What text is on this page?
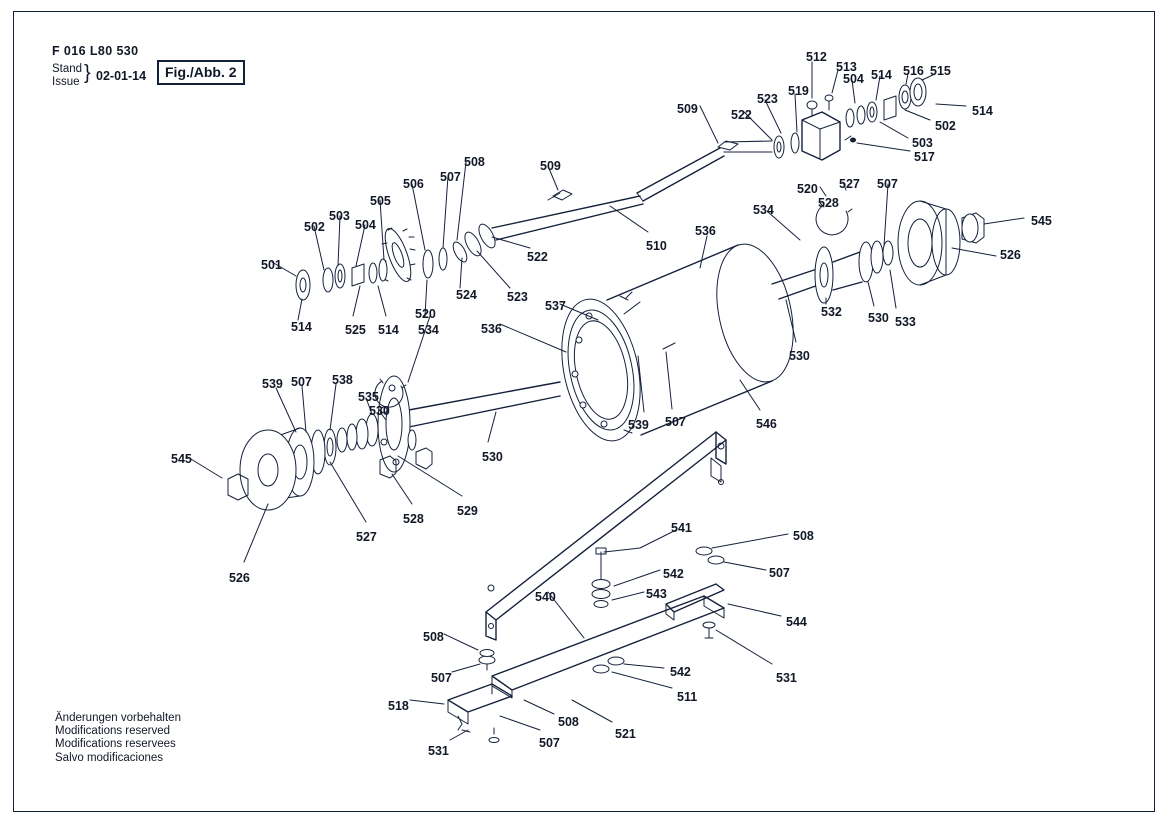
F 016 L80 530
Stand
Issue } 02-01-14	Fig./Abb. 2
Änderungen vorbehalten
Modifications reserved
Modifications reservees
Salvo modificaciones
512
513
504 514 516 515
519
509
523
514
522
502
503
517
509
508
507
506	520 527 507
505	528
534
536
545
503
504
502
510
526
501
522
524
520
523
537
533
530
532
514	525 514 534	536
530
539 507 538
535
530
539 507	546
545	530
529
528
527
526
541
508
542	507
543
540
544
508
507	542	531
511
518
508
521
507
531
